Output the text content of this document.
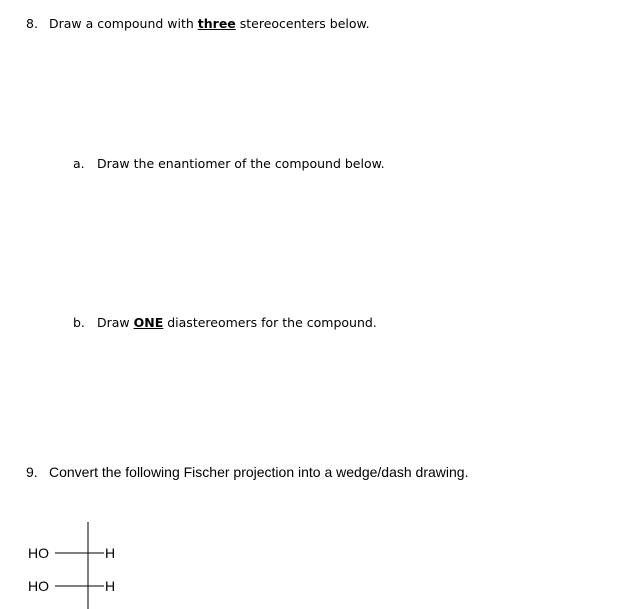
8. Draw a compound with three stereocenters below.
a. Draw the enantiomer of the compound below.
b. Draw ONE diastereomers for the compound.
9. Convert the following Fischer projection into a wedge/dash drawing.
HO	H
HO	H
